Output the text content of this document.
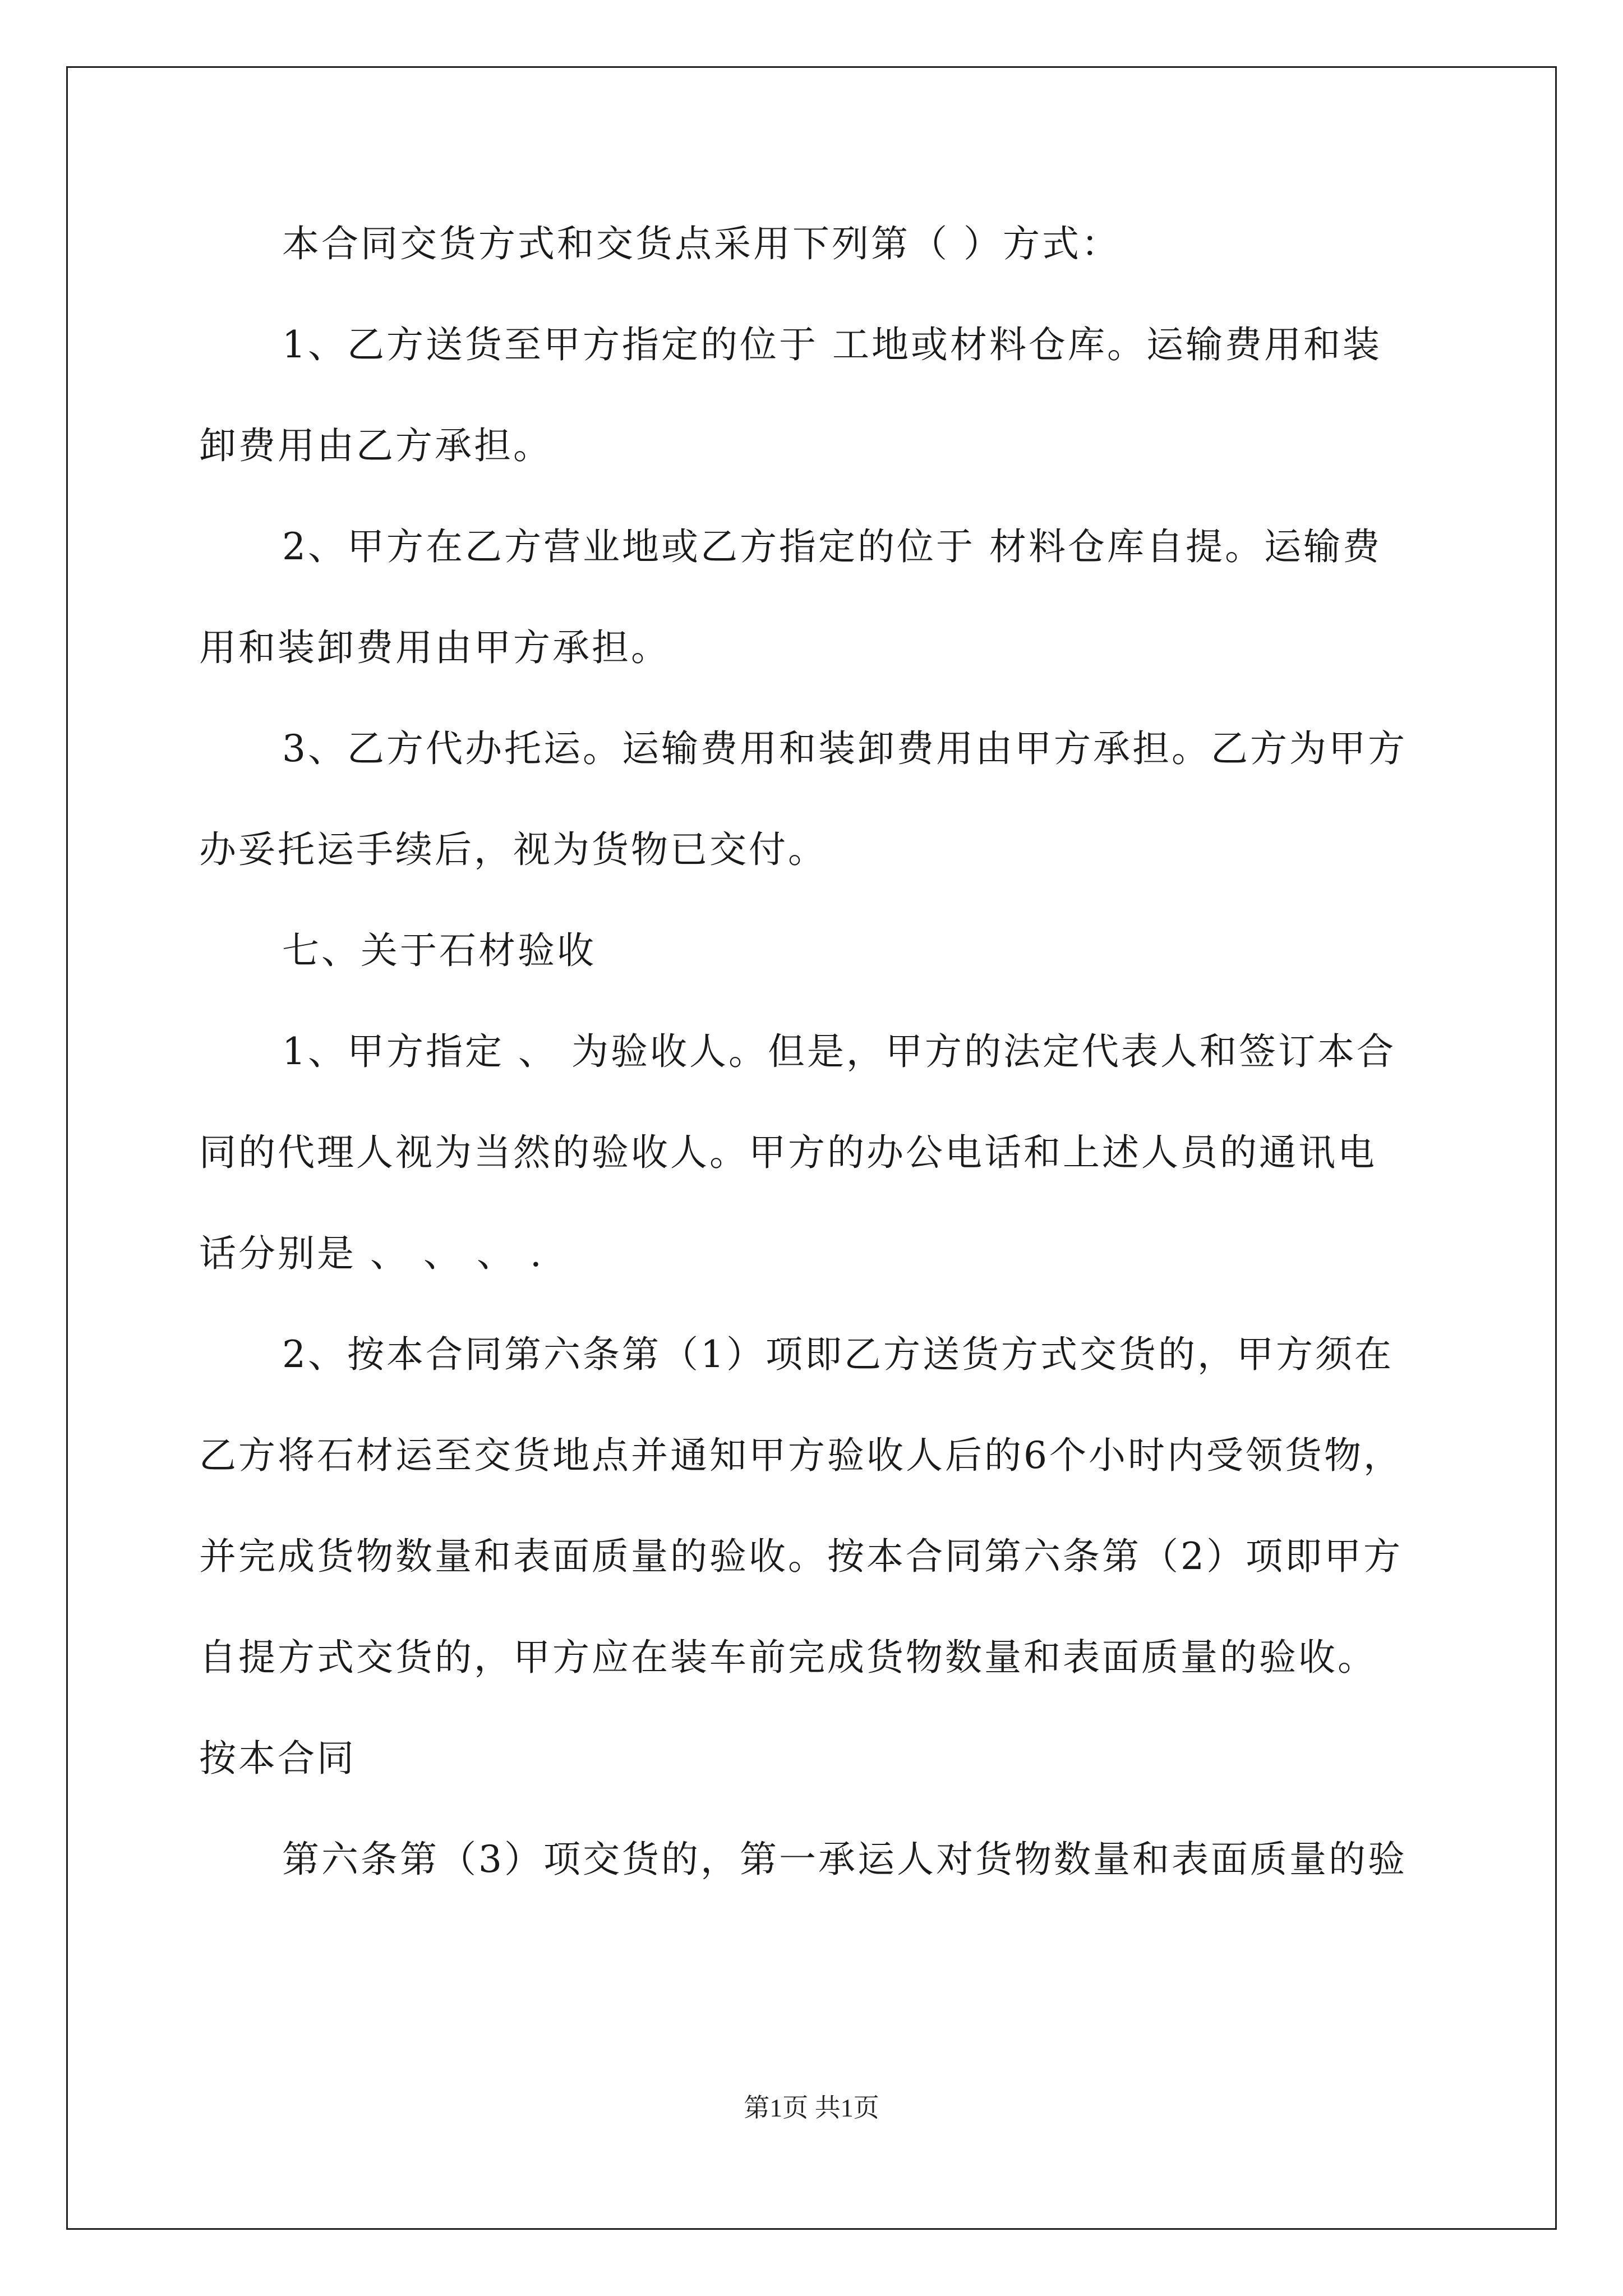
本合同交货方式和交货点采用下列第（ ）方式：
1、乙方送货至甲方指定的位于 工地或材料仓库。运输费用和装
卸费用由乙方承担。
2、甲方在乙方营业地或乙方指定的位于 材料仓库自提。运输费
用和装卸费用由甲方承担。
3、乙方代办托运。运输费用和装卸费用由甲方承担。乙方为甲方
办妥托运手续后，视为货物已交付。
七、关于石材验收
1、甲方指定 、 为验收人。但是，甲方的法定代表人和签订本合
同的代理人视为当然的验收人。甲方的办公电话和上述人员的通讯电
话分别是 、 、 、 .
2、按本合同第六条第（1）项即乙方送货方式交货的，甲方须在
乙方将石材运至交货地点并通知甲方验收人后的6个小时内受领货物，
并完成货物数量和表面质量的验收。按本合同第六条第（2）项即甲方
自提方式交货的，甲方应在装车前完成货物数量和表面质量的验收。
按本合同
第六条第（3）项交货的，第一承运人对货物数量和表面质量的验
第1页 共1页
